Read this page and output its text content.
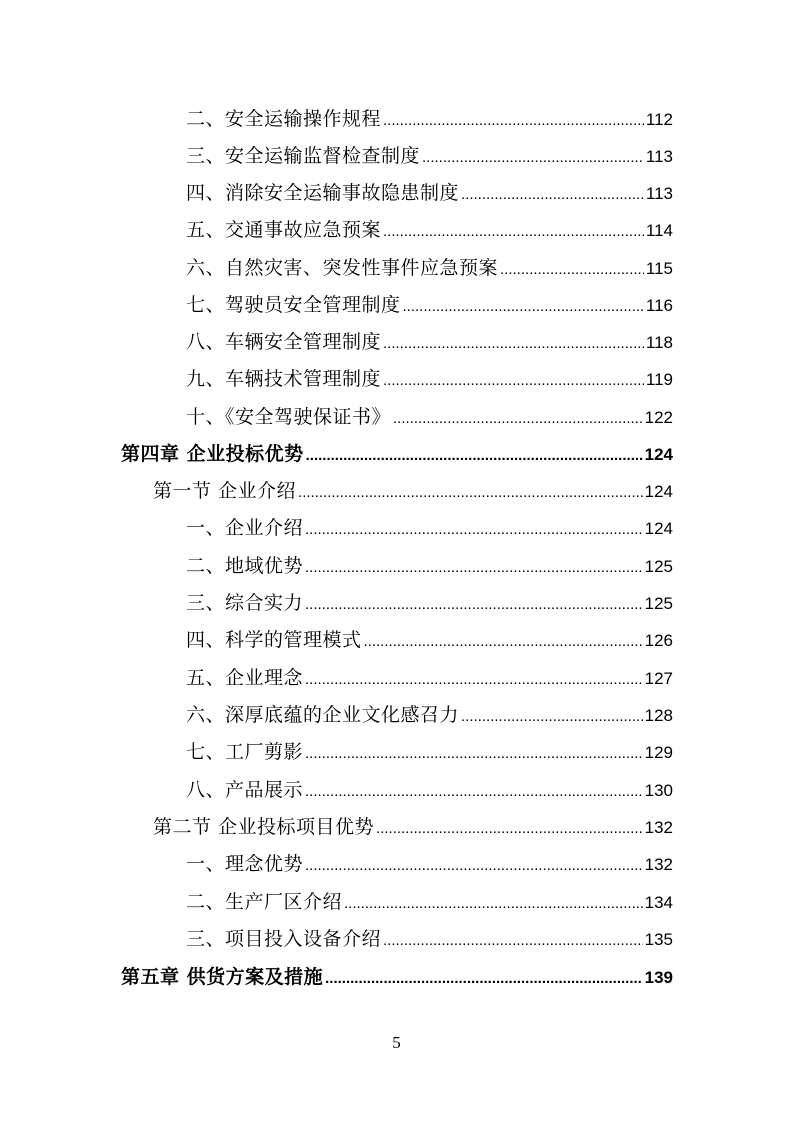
二、安全运输操作规程 .....	112
三、安全运输监督检查制度 .....	113
四、消除安全运输事故隐患制度 .....	113
五、交通事故应急预案 .....	114
六、自然灾害、突发性事件应急预案 .....	115
七、驾驶员安全管理制度 .....	116
八、车辆安全管理制度 .....	118
九、车辆技术管理制度 .....	119
十、《安全驾驶保证书》 .....	122
第四章 企业投标优势 .....	124
第一节 企业介绍 .....	124
一、企业介绍 .....	124
二、地域优势 .....	125
三、综合实力 .....	125
四、科学的管理模式 .....	126
五、企业理念 .....	127
六、深厚底蕴的企业文化感召力 .....	128
七、工厂剪影 .....	129
八、产品展示 .....	130
第二节 企业投标项目优势 .....	132
一、理念优势 .....	132
二、生产厂区介绍 .....	134
三、项目投入设备介绍 .....	135
第五章 供货方案及措施 .....	139
5
